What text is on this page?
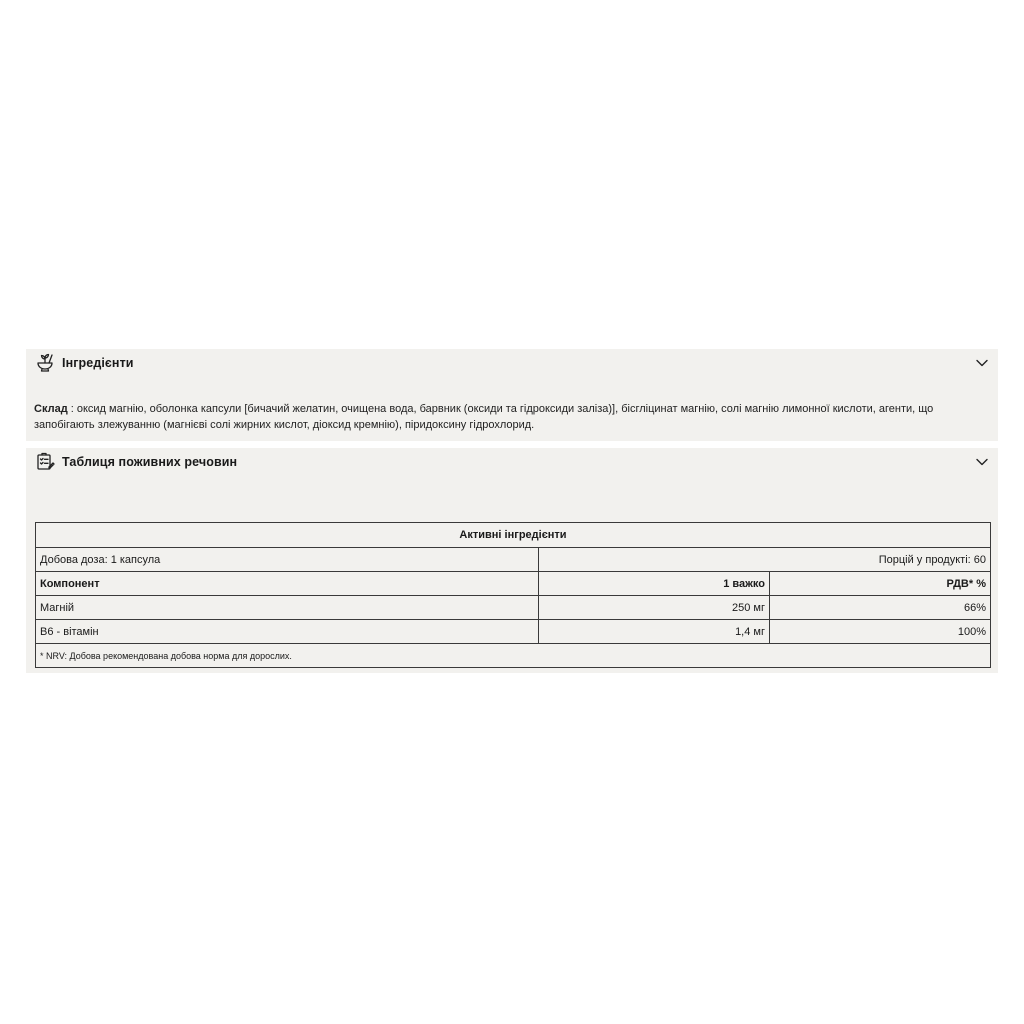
Інгредієнти
Склад : оксид магнію, оболонка капсули [бичачий желатин, очищена вода, барвник (оксиди та гідроксиди заліза)], бісгліцинат магнію, солі магнію лимонної кислоти, агенти, що запобігають злежуванню (магнієві солі жирних кислот, діоксид кремнію), піридоксину гідрохлорид.
Таблиця поживних речовин
Активні інгредієнти		
Добова доза: 1 капсула	Порцій у продукті: 60	
Компонент	1 важко	РДВ* %
Магній	250 мг	66%
B6 - вітамін	1,4 мг	100%
* NRV: Добова рекомендована добова норма для дорослих.		
